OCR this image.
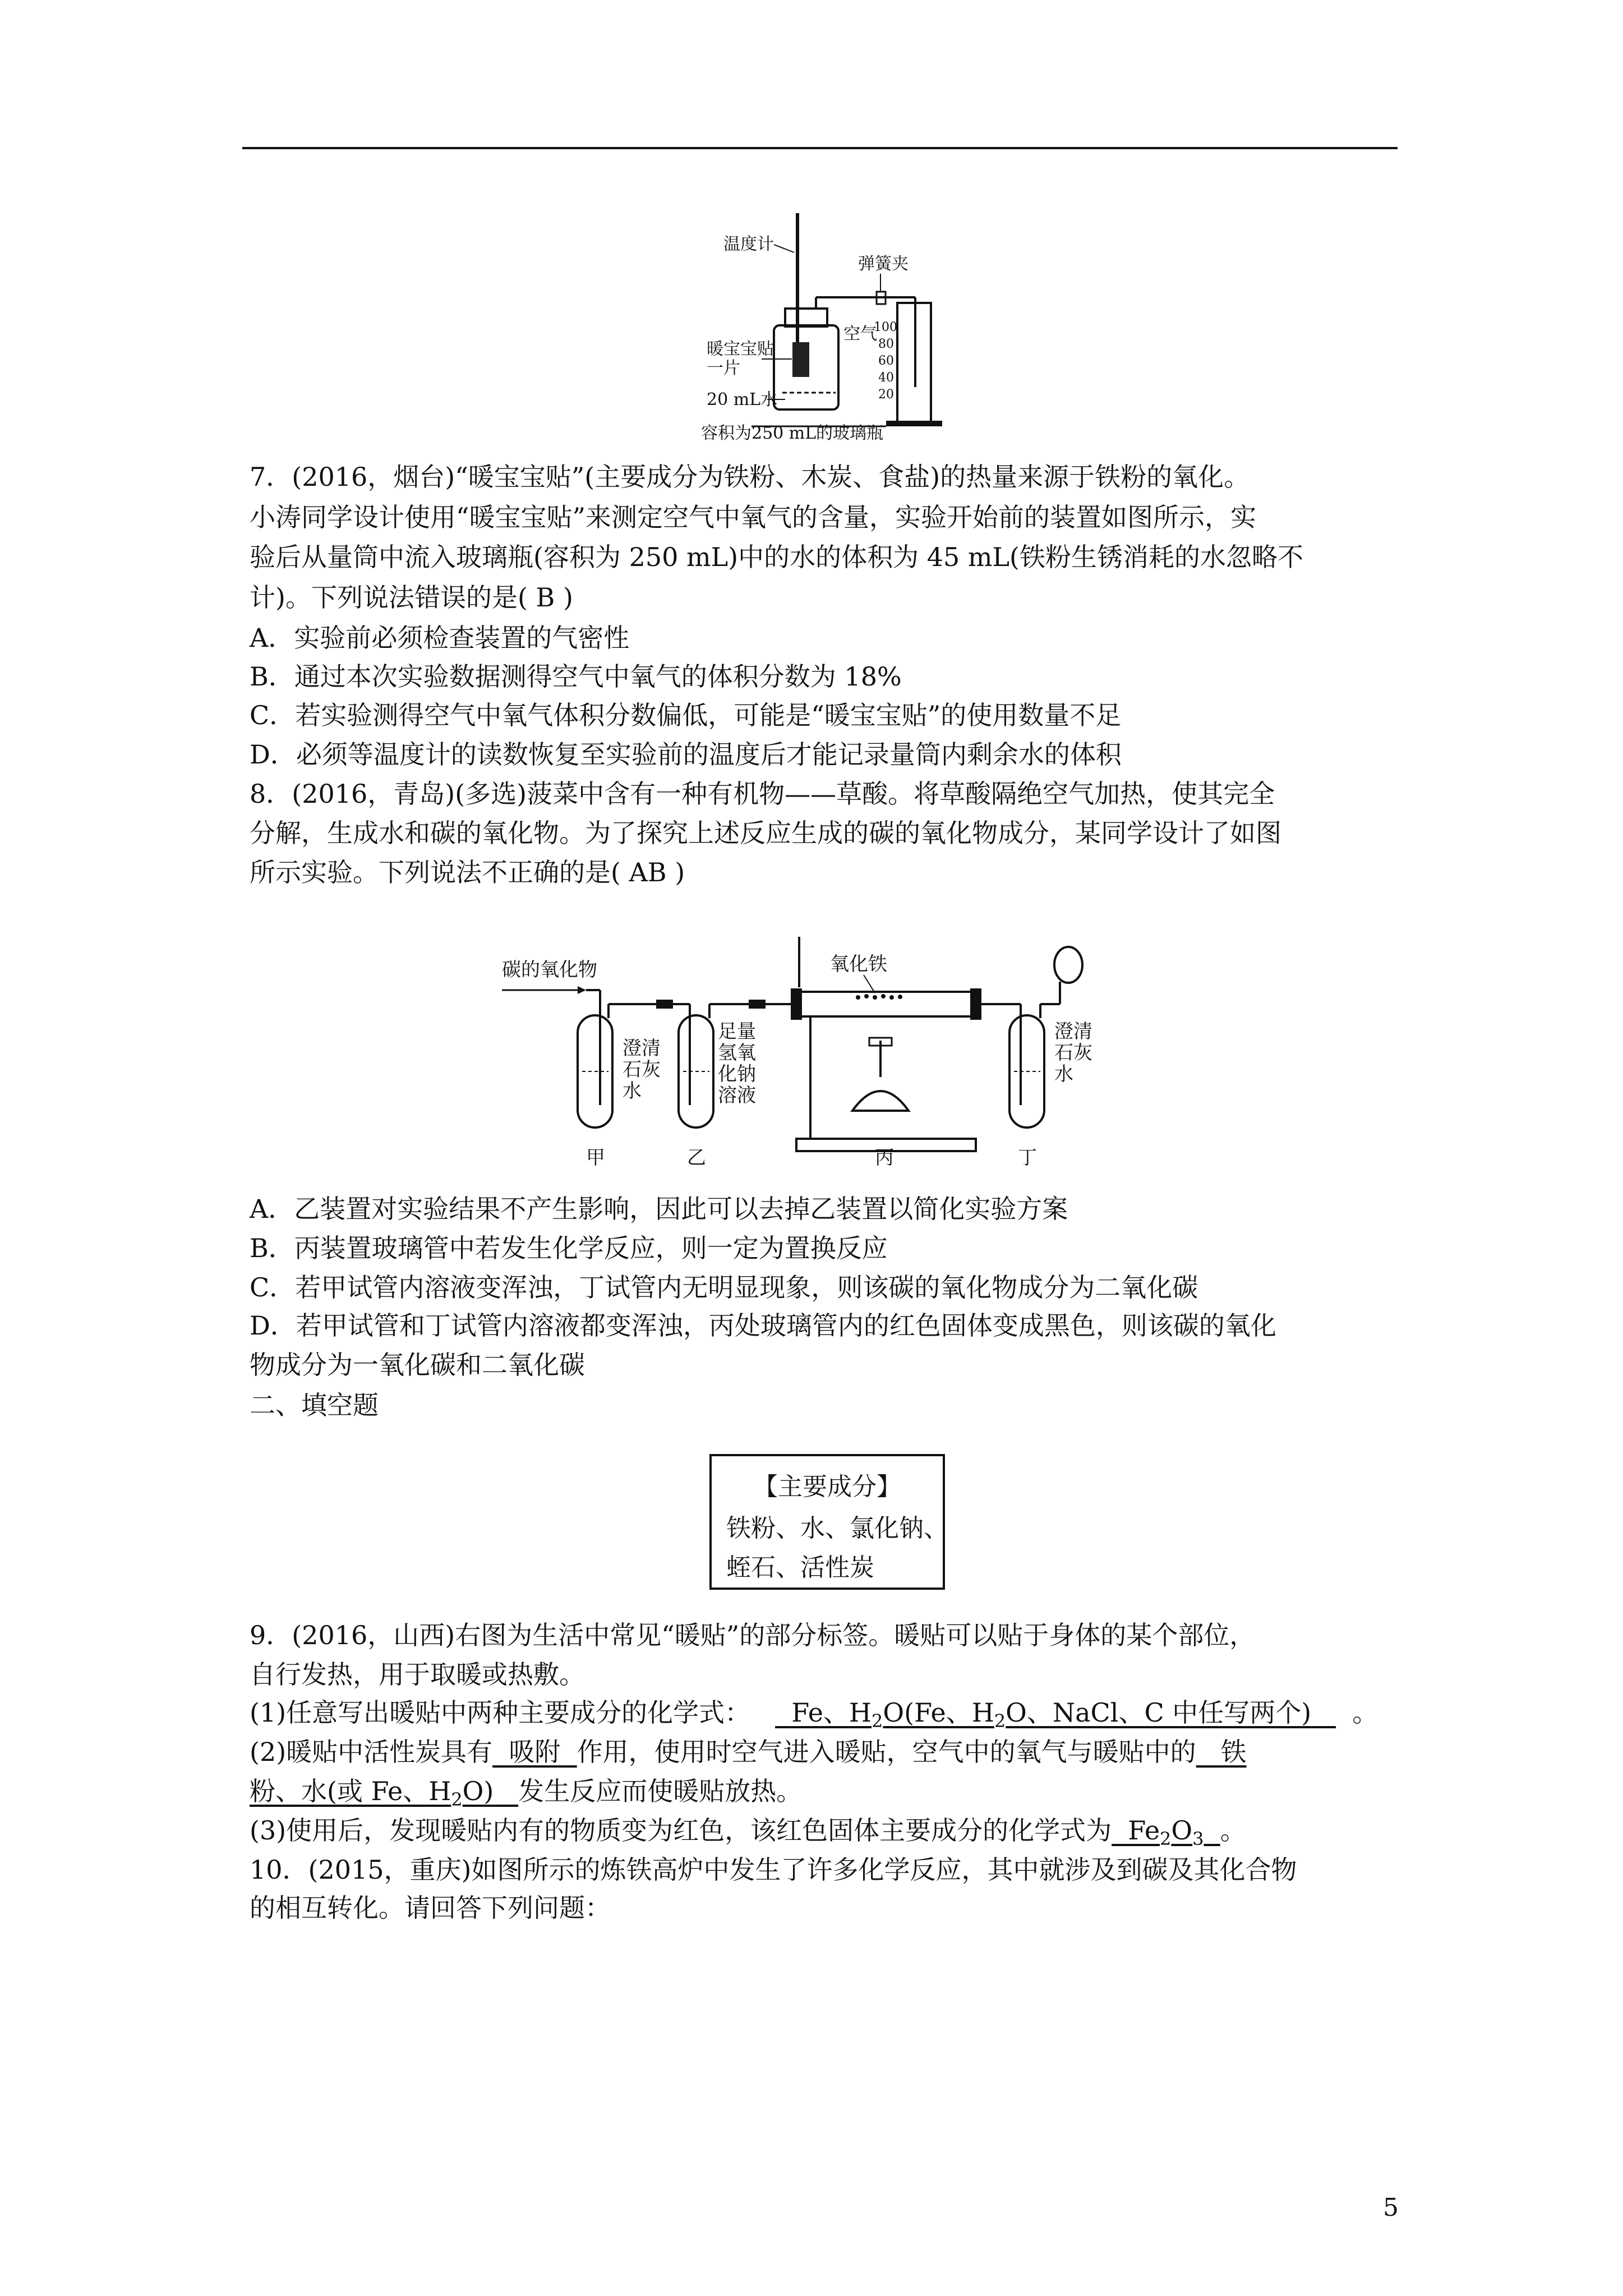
温度计
弹簧夹
暖宝宝贴
一片
空气
20 mL水
100
80
60
40
20
容积为250 mL的玻璃瓶
7．(2016，烟台)“暖宝宝贴”(主要成分为铁粉、木炭、食盐)的热量来源于铁粉的氧化。
小涛同学设计使用“暖宝宝贴”来测定空气中氧气的含量，实验开始前的装置如图所示，实
验后从量筒中流入玻璃瓶(容积为 250 mL)中的水的体积为 45 mL(铁粉生锈消耗的水忽略不
计)。下列说法错误的是( B )
A．实验前必须检查装置的气密性
B．通过本次实验数据测得空气中氧气的体积分数为 18%
C．若实验测得空气中氧气体积分数偏低，可能是“暖宝宝贴”的使用数量不足
D．必须等温度计的读数恢复至实验前的温度后才能记录量筒内剩余水的体积
8．(2016，青岛)(多选)菠菜中含有一种有机物——草酸。将草酸隔绝空气加热，使其完全
分解，生成水和碳的氧化物。为了探究上述反应生成的碳的氧化物成分，某同学设计了如图
所示实验。下列说法不正确的是( AB )
碳的氧化物
澄清石灰水
足量氢氧化钠溶液
氧化铁
澄清石灰水
甲	乙	丙	丁
A．乙装置对实验结果不产生影响，因此可以去掉乙装置以简化实验方案
B．丙装置玻璃管中若发生化学反应，则一定为置换反应
C．若甲试管内溶液变浑浊，丁试管内无明显现象，则该碳的氧化物成分为二氧化碳
D．若甲试管和丁试管内溶液都变浑浊，丙处玻璃管内的红色固体变成黑色，则该碳的氧化
物成分为一氧化碳和二氧化碳
二、填空题
【主要成分】
铁粉、水、氯化钠、
蛭石、活性炭
9．(2016，山西)右图为生活中常见“暖贴”的部分标签。暖贴可以贴于身体的某个部位，
自行发热，用于取暖或热敷。
(1)任意写出暖贴中两种主要成分的化学式： Fe、$H_2O(Fe$、$H_2O$、NaCl、C 中任写两个) 。
(2)暖贴中活性炭具有 吸附 作用，使用时空气进入暖贴，空气中的氧气与暖贴中的 铁
粉、水(或 Fe、$H_2O$) 发生反应而使暖贴放热。
(3)使用后，发现暖贴内有的物质变为红色，该红色固体主要成分的化学式为 $Fe_2O_3$ 。
10．(2015，重庆)如图所示的炼铁高炉中发生了许多化学反应，其中就涉及到碳及其化合物
的相互转化。请回答下列问题：
5
